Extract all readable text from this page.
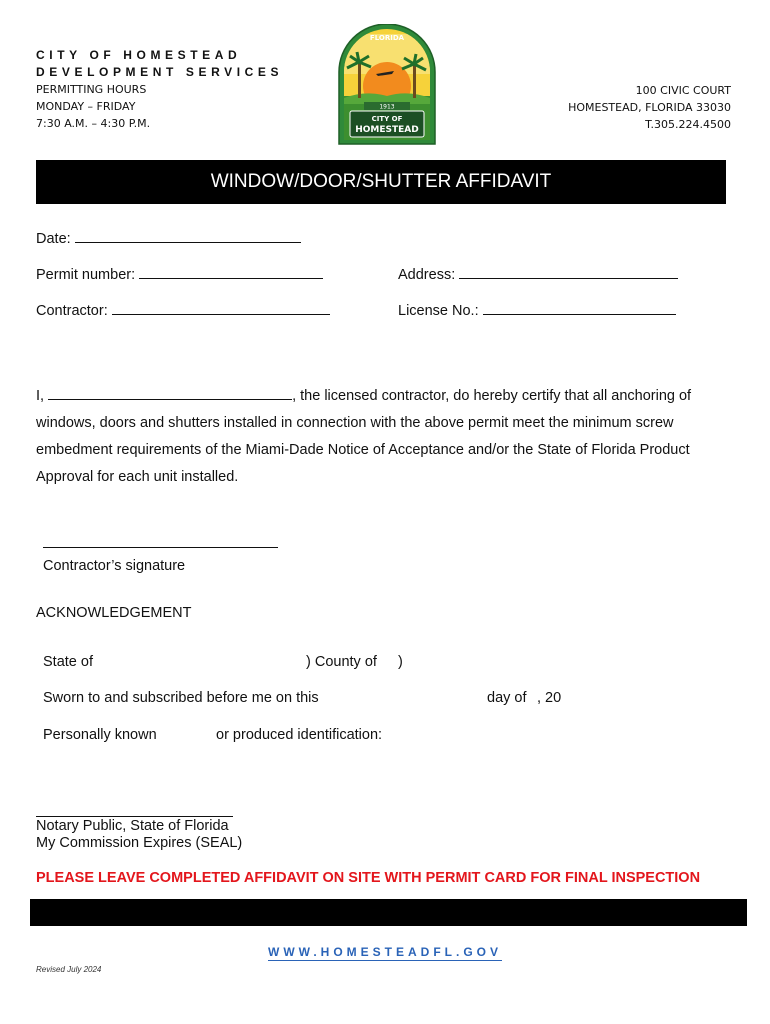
CITY OF HOMESTEAD
DEVELOPMENT SERVICES
PERMITTING HOURS
MONDAY – FRIDAY
7:30 A.M. – 4:30 P.M.
FLORIDA
1913
CITY OF
HOMESTEAD
100 CIVIC COURT
HOMESTEAD, FLORIDA 33030
T.305.224.4500
WINDOW/DOOR/SHUTTER AFFIDAVIT
Date:
Permit number:	Address:
Contractor:	License No.:
I,	, the licensed contractor, do hereby certify that all anchoring of windows, doors and shutters installed in connection with the above permit meet the minimum screw embedment requirements of the Miami-Dade Notice of Acceptance and/or the State of Florida Product Approval for each unit installed.
Contractor’s signature
ACKNOWLEDGEMENT
State of	) County of )
Sworn to and subscribed before me on this	day of , 20
Personally known	or produced identification:
Notary Public, State of Florida
My Commission Expires (SEAL)
PLEASE LEAVE COMPLETED AFFIDAVIT ON SITE WITH PERMIT CARD FOR FINAL INSPECTION
WWW.HOMESTEADFL.GOV
Revised July 2024
